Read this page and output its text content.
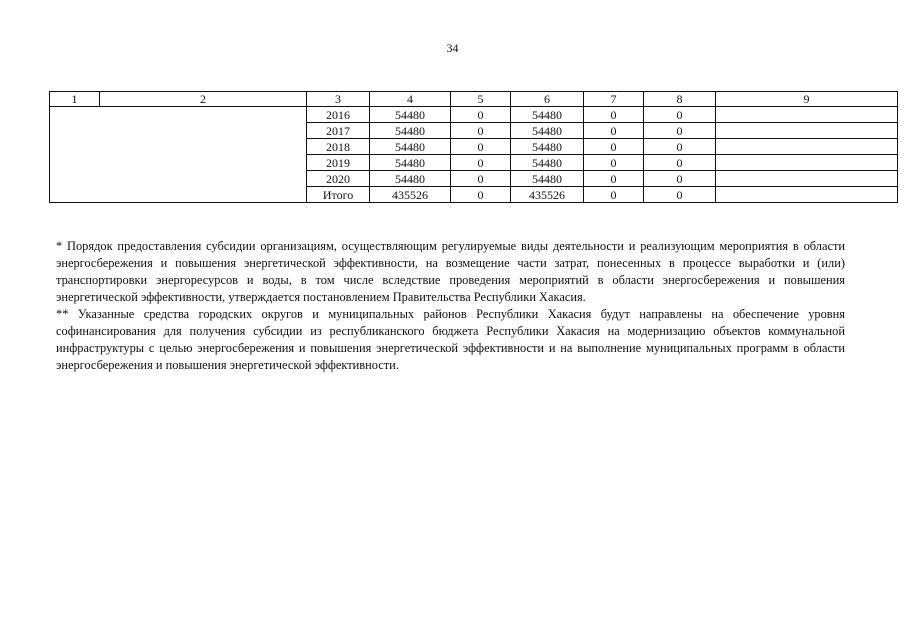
34
1	2	3	4	5	6	7	8	9
		2016	54480	0	54480	0	0	
		2017	54480	0	54480	0	0	
		2018	54480	0	54480	0	0	
		2019	54480	0	54480	0	0	
		2020	54480	0	54480	0	0	
		Итого	435526	0	435526	0	0	

* Порядок предоставления субсидии организациям, осуществляющим регулируемые виды деятельности и реализующим мероприятия в области энергосбережения и повышения энергетической эффективности, на возмещение части затрат, понесенных в процессе выработки и (или) транспортировки энергоресурсов и воды, в том числе вследствие проведения мероприятий в области энергосбережения и повышения энергетической эффективности, утверждается постановлением Правительства Республики Хакасия.

** Указанные средства городских округов и муниципальных районов Республики Хакасия будут направлены на обеспечение уровня софинансирования для получения субсидии из республиканского бюджета Республики Хакасия на модернизацию объектов коммунальной инфраструктуры с целью энергосбережения и повышения энергетической эффективности и на выполнение муниципальных программ в области энергосбережения и повышения энергетической эффективности.
